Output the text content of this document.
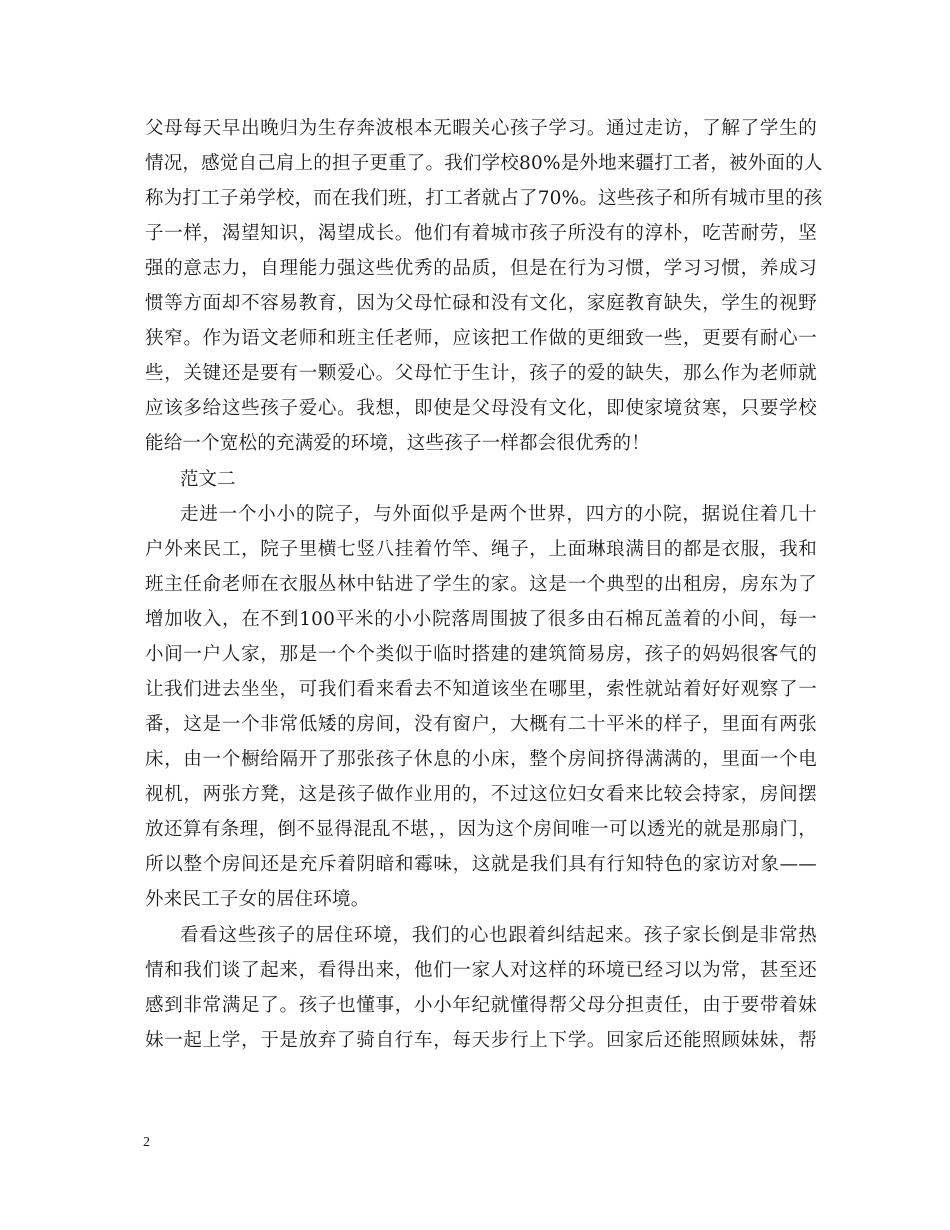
父母每天早出晚归为生存奔波根本无暇关心孩子学习。通过走访，了解了学生的
情况，感觉自己肩上的担子更重了。我们学校80%是外地来疆打工者，被外面的人
称为打工子弟学校，而在我们班，打工者就占了70%。这些孩子和所有城市里的孩
子一样，渴望知识，渴望成长。他们有着城市孩子所没有的淳朴，吃苦耐劳，坚
强的意志力，自理能力强这些优秀的品质，但是在行为习惯，学习习惯，养成习
惯等方面却不容易教育，因为父母忙碌和没有文化，家庭教育缺失，学生的视野
狭窄。作为语文老师和班主任老师，应该把工作做的更细致一些，更要有耐心一
些，关键还是要有一颗爱心。父母忙于生计，孩子的爱的缺失，那么作为老师就
应该多给这些孩子爱心。我想，即使是父母没有文化，即使家境贫寒，只要学校
能给一个宽松的充满爱的环境，这些孩子一样都会很优秀的！
范文二
走进一个小小的院子，与外面似乎是两个世界，四方的小院，据说住着几十
户外来民工，院子里横七竖八挂着竹竿、绳子，上面琳琅满目的都是衣服，我和
班主任俞老师在衣服丛林中钻进了学生的家。这是一个典型的出租房，房东为了
增加收入，在不到100平米的小小院落周围披了很多由石棉瓦盖着的小间，每一
小间一户人家，那是一个个类似于临时搭建的建筑简易房，孩子的妈妈很客气的
让我们进去坐坐，可我们看来看去不知道该坐在哪里，索性就站着好好观察了一
番，这是一个非常低矮的房间，没有窗户，大概有二十平米的样子，里面有两张
床，由一个橱给隔开了那张孩子休息的小床，整个房间挤得满满的，里面一个电
视机，两张方凳，这是孩子做作业用的，不过这位妇女看来比较会持家，房间摆
放还算有条理，倒不显得混乱不堪，，因为这个房间唯一可以透光的就是那扇门，
所以整个房间还是充斥着阴暗和霉味，这就是我们具有行知特色的家访对象——
外来民工子女的居住环境。
看看这些孩子的居住环境，我们的心也跟着纠结起来。孩子家长倒是非常热
情和我们谈了起来，看得出来，他们一家人对这样的环境已经习以为常，甚至还
感到非常满足了。孩子也懂事，小小年纪就懂得帮父母分担责任，由于要带着妹
妹一起上学，于是放弃了骑自行车，每天步行上下学。回家后还能照顾妹妹，帮
2
